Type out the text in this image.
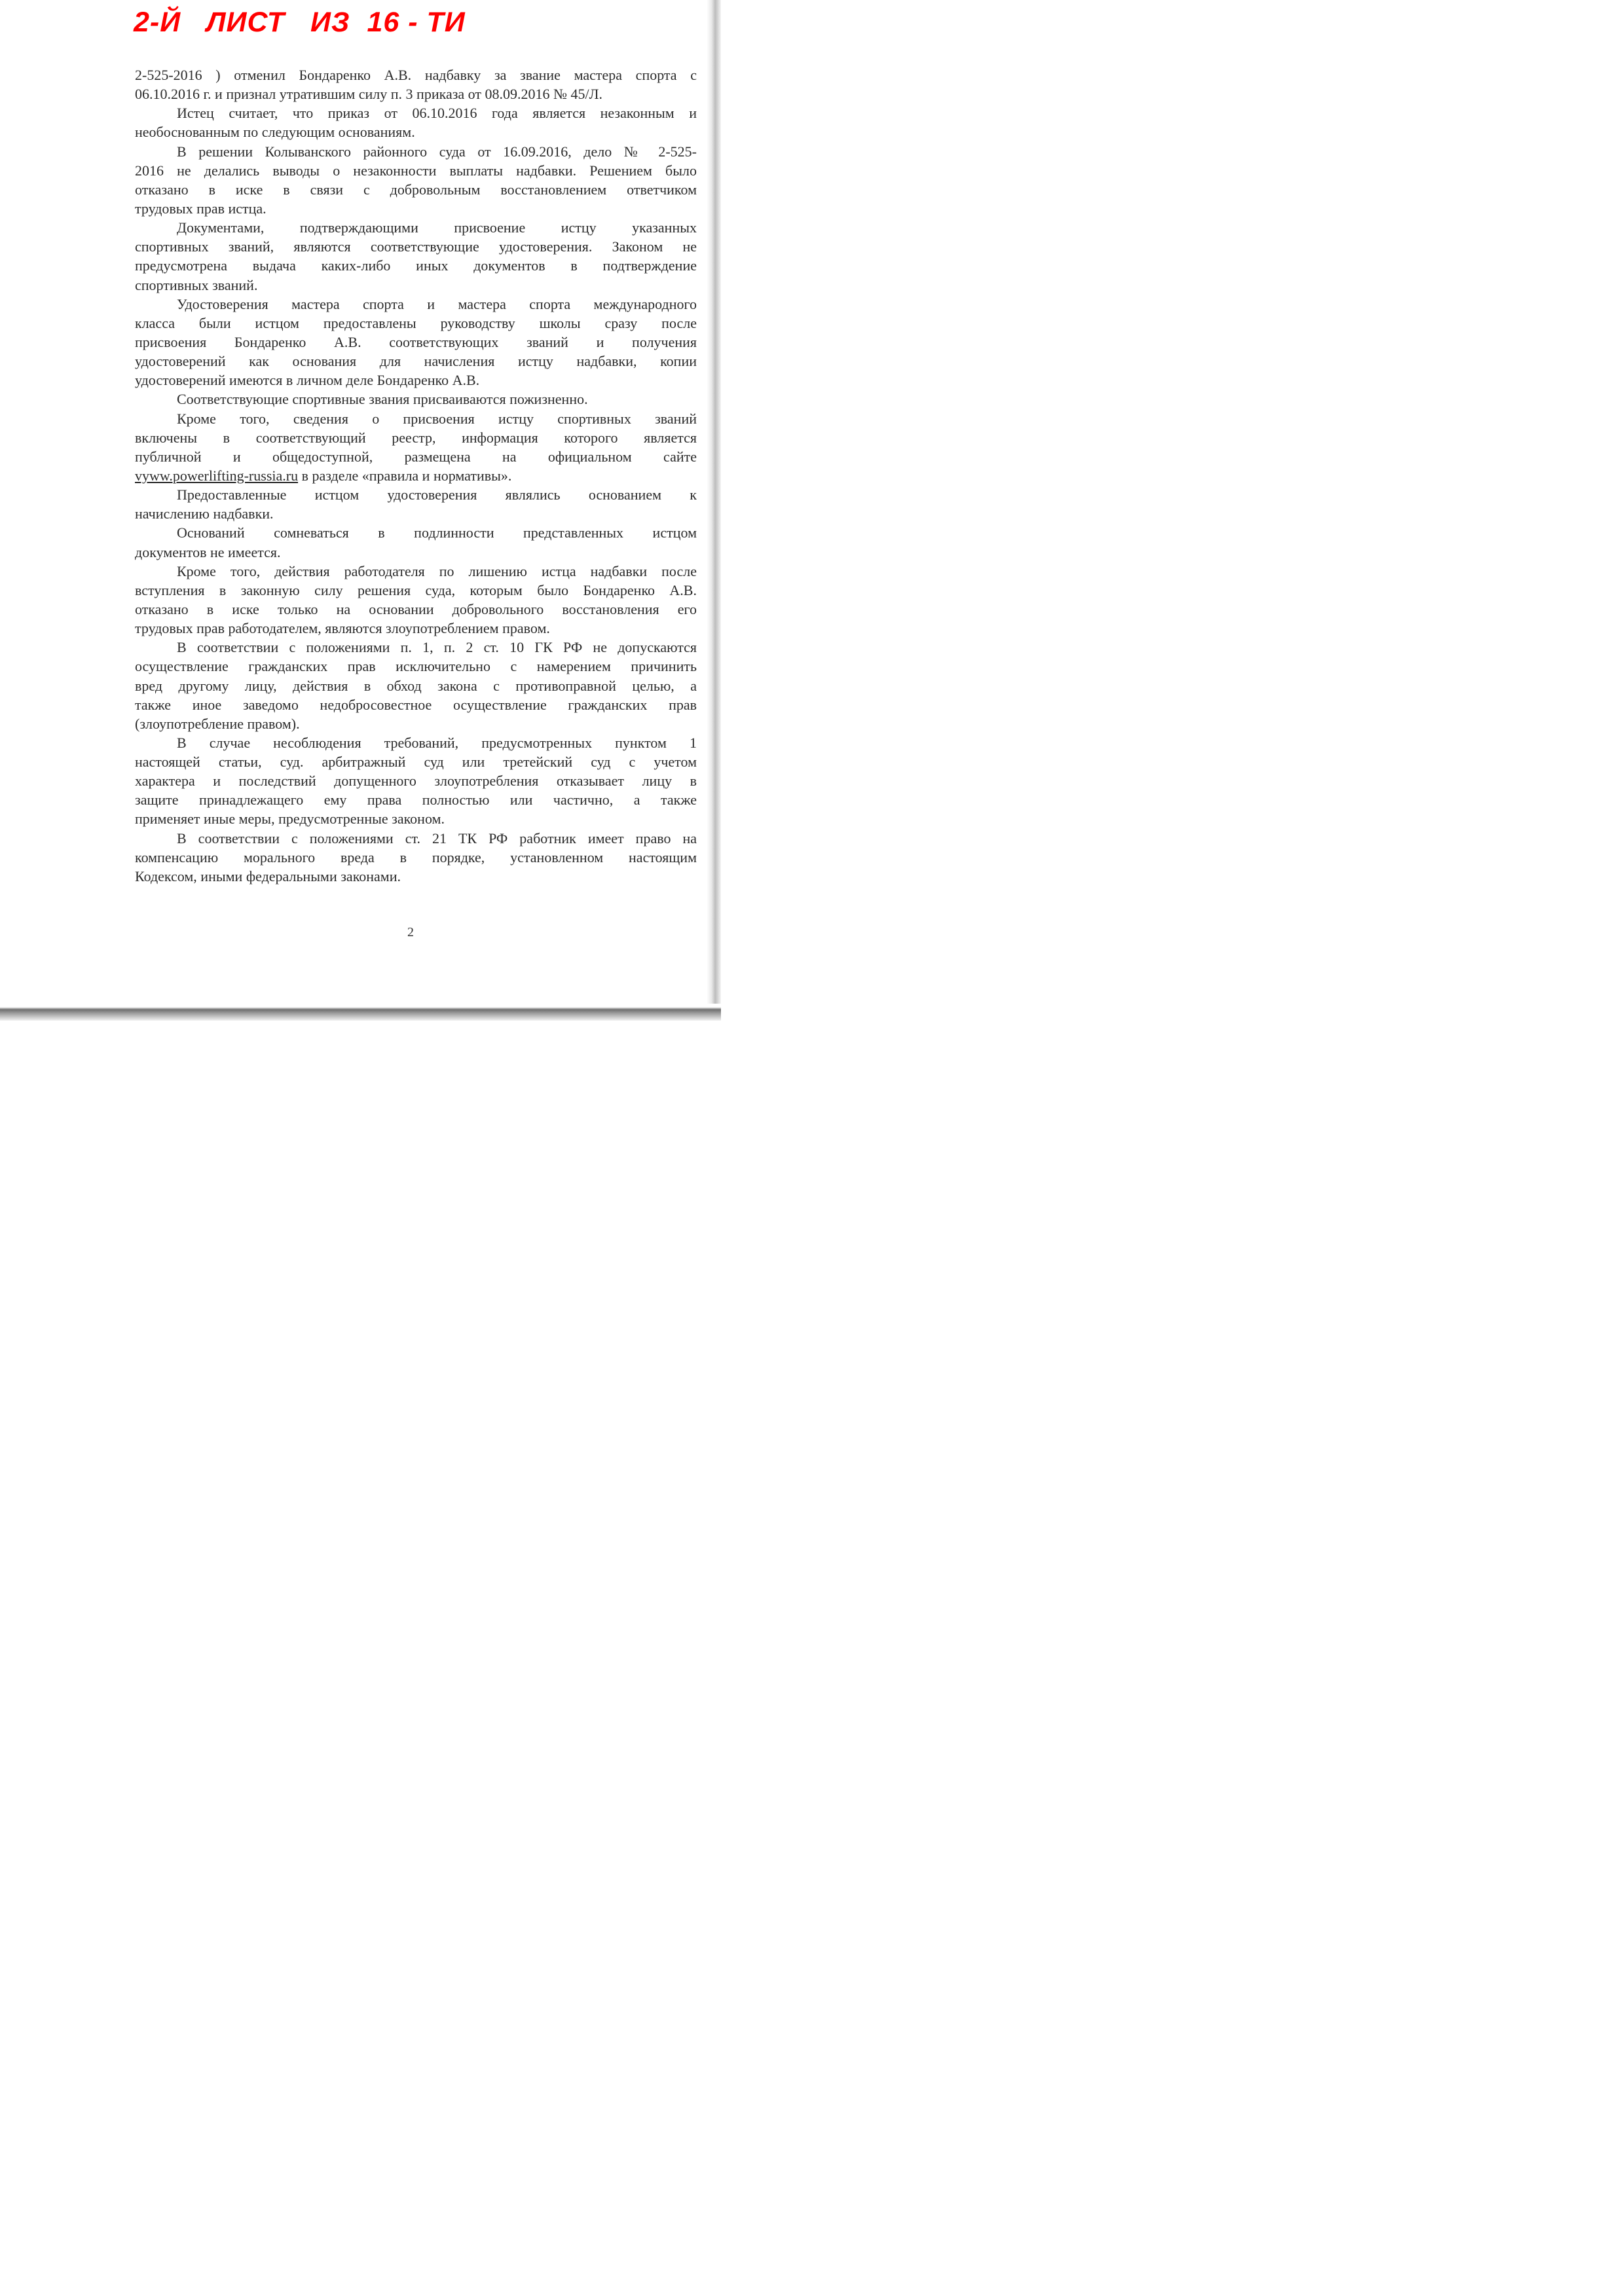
2-Й   ЛИСТ   ИЗ  16 - ТИ
2-525-2016 ) отменил Бондаренко А.В. надбавку за звание мастера спорта с
06.10.2016 г. и признал утратившим силу п. 3 приказа от 08.09.2016 № 45/Л.
Истец считает, что приказ от 06.10.2016 года является незаконным и
необоснованным по следующим основаниям.
В решении Колыванского районного суда от 16.09.2016, дело № 2-525-
2016 не делались выводы о незаконности выплаты надбавки. Решением было
отказано в иске в связи с добровольным восстановлением ответчиком
трудовых прав истца.
Документами, подтверждающими присвоение истцу указанных
спортивных званий, являются соответствующие удостоверения. Законом не
предусмотрена выдача каких-либо иных документов в подтверждение
спортивных званий.
Удостоверения мастера спорта и мастера спорта международного
класса были истцом предоставлены руководству школы сразу после
присвоения Бондаренко А.В. соответствующих званий и получения
удостоверений как основания для начисления истцу надбавки, копии
удостоверений имеются в личном деле Бондаренко А.В.
Соответствующие спортивные звания присваиваются пожизненно.
Кроме того, сведения о присвоения истцу спортивных званий
включены в соответствующий реестр, информация которого является
публичной и общедоступной, размещена на официальном сайте
vyww.powerlifting-russia.ru в разделе «правила и нормативы».
Предоставленные истцом удостоверения являлись основанием к
начислению надбавки.
Оснований сомневаться в подлинности представленных истцом
документов не имеется.
Кроме того, действия работодателя по лишению истца надбавки после
вступления в законную силу решения суда, которым было Бондаренко А.В.
отказано в иске только на основании добровольного восстановления его
трудовых прав работодателем, являются злоупотреблением правом.
В соответствии с положениями п. 1, п. 2 ст. 10 ГК РФ не допускаются
осуществление гражданских прав исключительно с намерением причинить
вред другому лицу, действия в обход закона с противоправной целью, а
также иное заведомо недобросовестное осуществление гражданских прав
(злоупотребление правом).
В случае несоблюдения требований, предусмотренных пунктом 1
настоящей статьи, суд. арбитражный суд или третейский суд с учетом
характера и последствий допущенного злоупотребления отказывает лицу в
защите принадлежащего ему права полностью или частично, а также
применяет иные меры, предусмотренные законом.
В соответствии с положениями ст. 21 ТК РФ работник имеет право на
компенсацию морального вреда в порядке, установленном настоящим
Кодексом, иными федеральными законами.
2
